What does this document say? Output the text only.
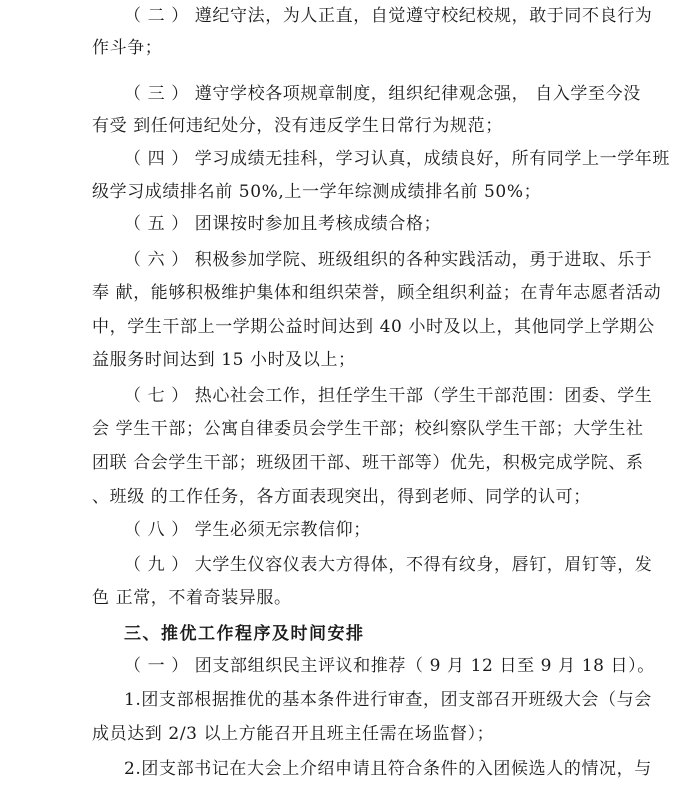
（ 二 ） 遵纪守法，为人正直，自觉遵守校纪校规，敢于同不良行为
作斗争；
（ 三 ） 遵守学校各项规章制度，组织纪律观念强， 自入学至今没
有受 到任何违纪处分，没有违反学生日常行为规范；
（ 四 ） 学习成绩无挂科，学习认真，成绩良好，所有同学上一学年班
级学习成绩排名前 50%,上一学年综测成绩排名前 50%；
（ 五 ） 团课按时参加且考核成绩合格；
（ 六 ） 积极参加学院、班级组织的各种实践活动，勇于进取、乐于
奉 献，能够积极维护集体和组织荣誉，顾全组织利益；在青年志愿者活动
中，学生干部上一学期公益时间达到 40 小时及以上，其他同学上学期公
益服务时间达到 15 小时及以上；
（ 七 ） 热心社会工作，担任学生干部（学生干部范围：团委、学生
会 学生干部；公寓自律委员会学生干部；校纠察队学生干部；大学生社
团联 合会学生干部；班级团干部、班干部等）优先，积极完成学院、系
、班级 的工作任务，各方面表现突出，得到老师、同学的认可；
（ 八 ） 学生必须无宗教信仰；
（ 九 ） 大学生仪容仪表大方得体，不得有纹身，唇钉，眉钉等，发
色 正常，不着奇装异服。
三、推优工作程序及时间安排
（ 一 ） 团支部组织民主评议和推荐（ 9 月 12 日至 9 月 18 日）。
1.团支部根据推优的基本条件进行审查，团支部召开班级大会（与会
成员达到 2/3 以上方能召开且班主任需在场监督）；
2.团支部书记在大会上介绍申请且符合条件的入团候选人的情况，与
